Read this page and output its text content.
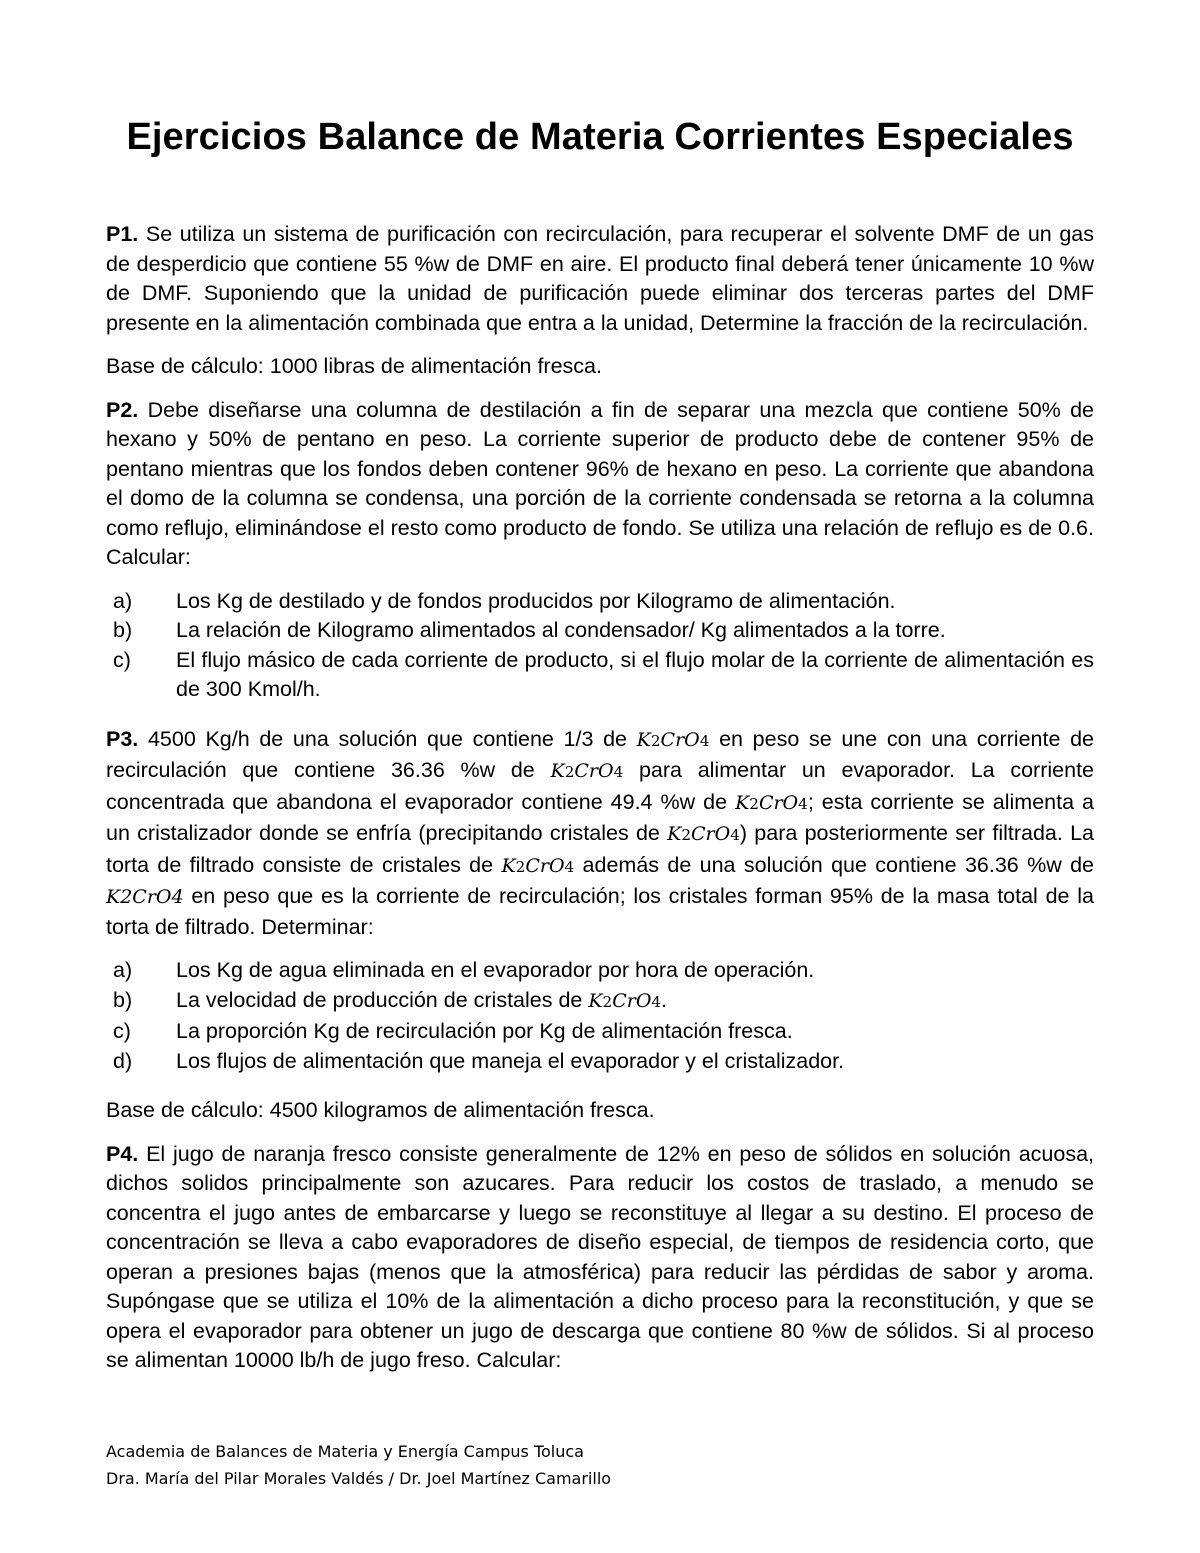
Ejercicios Balance de Materia Corrientes Especiales

P1. Se utiliza un sistema de purificación con recirculación, para recuperar el solvente DMF de un gas de desperdicio que contiene 55 %w de DMF en aire. El producto final deberá tener únicamente 10 %w de DMF. Suponiendo que la unidad de purificación puede eliminar dos terceras partes del DMF presente en la alimentación combinada que entra a la unidad, Determine la fracción de la recirculación.

Base de cálculo: 1000 libras de alimentación fresca.

P2. Debe diseñarse una columna de destilación a fin de separar una mezcla que contiene 50% de hexano y 50% de pentano en peso. La corriente superior de producto debe de contener 95% de pentano mientras que los fondos deben contener 96% de hexano en peso. La corriente que abandona el domo de la columna se condensa, una porción de la corriente condensada se retorna a la columna como reflujo, eliminándose el resto como producto de fondo. Se utiliza una relación de reflujo es de 0.6. Calcular:

a) Los Kg de destilado y de fondos producidos por Kilogramo de alimentación.
b) La relación de Kilogramo alimentados al condensador/ Kg alimentados a la torre.
c) El flujo másico de cada corriente de producto, si el flujo molar de la corriente de alimentación es de 300 Kmol/h.

P3. 4500 Kg/h de una solución que contiene 1/3 de K2CrO4 en peso se une con una corriente de recirculación que contiene 36.36 %w de K2CrO4 para alimentar un evaporador. La corriente concentrada que abandona el evaporador contiene 49.4 %w de K2CrO4; esta corriente se alimenta a un cristalizador donde se enfría (precipitando cristales de K2CrO4) para posteriormente ser filtrada. La torta de filtrado consiste de cristales de K2CrO4 además de una solución que contiene 36.36 %w de K2CrO4 en peso que es la corriente de recirculación; los cristales forman 95% de la masa total de la torta de filtrado. Determinar:

a) Los Kg de agua eliminada en el evaporador por hora de operación.
b) La velocidad de producción de cristales de K2CrO4.
c) La proporción Kg de recirculación por Kg de alimentación fresca.
d) Los flujos de alimentación que maneja el evaporador y el cristalizador.

Base de cálculo: 4500 kilogramos de alimentación fresca.

P4. El jugo de naranja fresco consiste generalmente de 12% en peso de sólidos en solución acuosa, dichos solidos principalmente son azucares. Para reducir los costos de traslado, a menudo se concentra el jugo antes de embarcarse y luego se reconstituye al llegar a su destino. El proceso de concentración se lleva a cabo evaporadores de diseño especial, de tiempos de residencia corto, que operan a presiones bajas (menos que la atmosférica) para reducir las pérdidas de sabor y aroma. Supóngase que se utiliza el 10% de la alimentación a dicho proceso para la reconstitución, y que se opera el evaporador para obtener un jugo de descarga que contiene 80 %w de sólidos. Si al proceso se alimentan 10000 lb/h de jugo freso. Calcular:

Academia de Balances de Materia y Energía Campus Toluca
Dra. María del Pilar Morales Valdés / Dr. Joel Martínez Camarillo
